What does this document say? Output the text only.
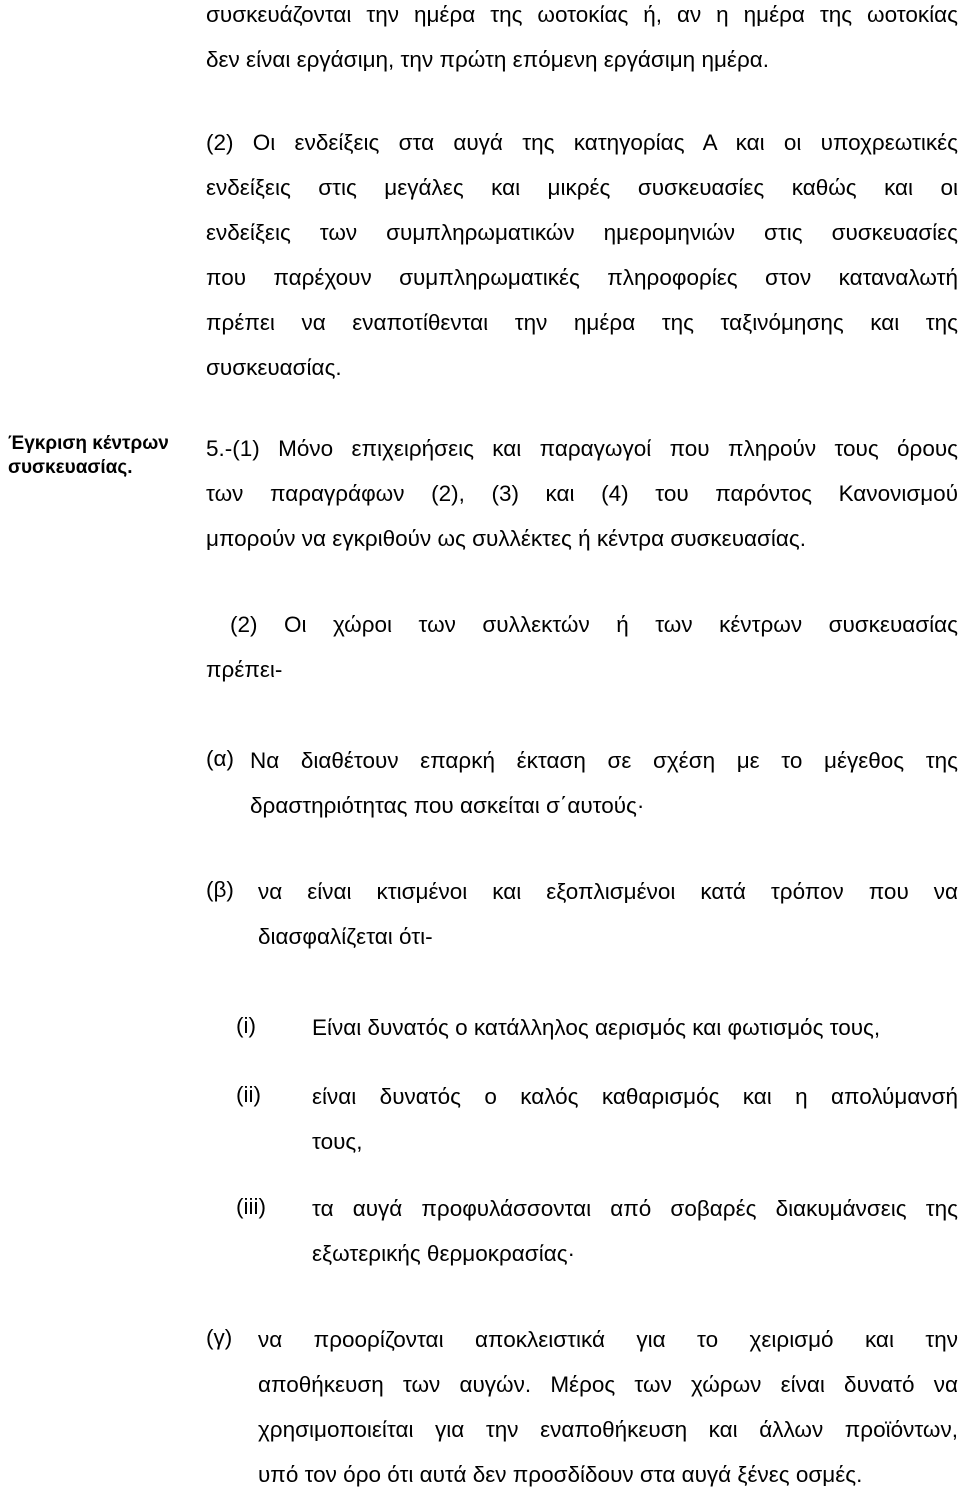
συσκευάζονται την ημέρα της ωοτοκίας ή, αν η ημέρα της ωοτοκίας
δεν είναι εργάσιμη, την πρώτη επόμενη εργάσιμη ημέρα.
(2) Οι ενδείξεις στα αυγά της κατηγορίας Α και οι υποχρεωτικές
ενδείξεις στις μεγάλες και μικρές συσκευασίες καθώς και οι
ενδείξεις των συμπληρωματικών ημερομηνιών στις συσκευασίες
που παρέχουν συμπληρωματικές πληροφορίες στον καταναλωτή
πρέπει να εναποτίθενται την ημέρα της ταξινόμησης και της
συσκευασίας.
Έγκριση κέντρων
συσκευασίας.
5.-(1) Μόνο επιχειρήσεις και παραγωγοί που πληρούν τους όρους
των παραγράφων (2), (3) και (4) του παρόντος Κανονισμού
μπορούν να εγκριθούν ως συλλέκτες ή κέντρα συσκευασίας.
(2) Οι χώροι των συλλεκτών ή των κέντρων συσκευασίας
πρέπει-
(α) Να διαθέτουν επαρκή έκταση σε σχέση με το μέγεθος της
δραστηριότητας που ασκείται σ΄αυτούς·
(β) να είναι κτισμένοι και εξοπλισμένοι κατά τρόπον που να
διασφαλίζεται ότι-
(i) Είναι δυνατός ο κατάλληλος αερισμός και φωτισμός τους,
(ii) είναι δυνατός ο καλός καθαρισμός και η απολύμανσή
τους,
(iii) τα αυγά προφυλάσσονται από σοβαρές διακυμάνσεις της
εξωτερικής θερμοκρασίας·
(γ) να προορίζονται αποκλειστικά για το χειρισμό και την
αποθήκευση των αυγών. Μέρος των χώρων είναι δυνατό να
χρησιμοποιείται για την εναποθήκευση και άλλων προϊόντων,
υπό τον όρο ότι αυτά δεν προσδίδουν στα αυγά ξένες οσμές.
